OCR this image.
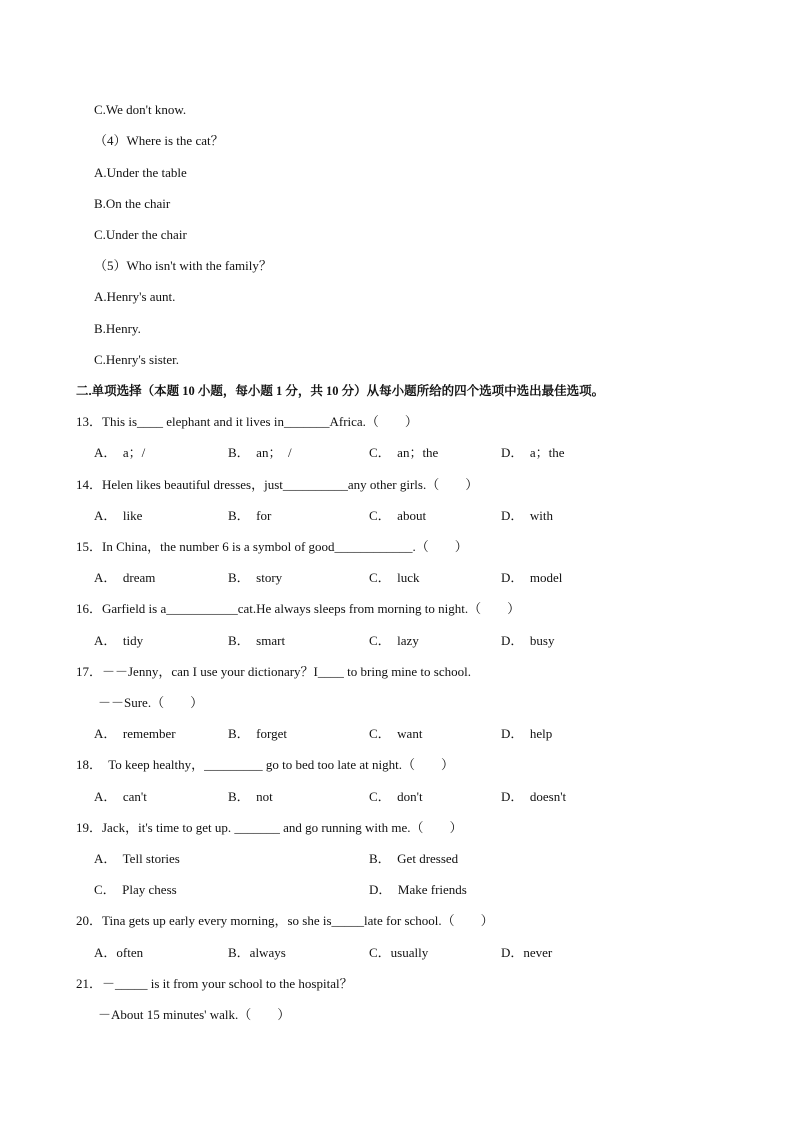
C.We don't know.
（4）Where is the cat？
A.Under the table
B.On the chair
C.Under the chair
（5）Who isn't with the family？
A.Henry's aunt.
B.Henry.
C.Henry's sister.
二.单项选择（本题 10 小题，每小题 1 分，共 10 分）从每小题所给的四个选项中选出最佳选项。
13．This is____ elephant and it lives in_______Africa.（　　）
A．  a；/	B．  an；  /	C．  an；the	D．  a；the
14．Helen likes beautiful dresses，just__________any other girls.（　　）
A．  like	B．  for	C．  about	D．  with
15．In China，the number 6 is a symbol of good____________.（　　）
A．  dream	B．  story	C．  luck	D．  model
16．Garfield is a___________cat.He always sleeps from morning to night.（　　）
A．  tidy	B．  smart	C．  lazy	D．  busy
17．－－Jenny，can I use your dictionary？I____ to bring mine to school.
－－Sure.（　　）
A．  remember	B．  forget	C．  want	D．  help
18．  To keep healthy，_________ go to bed too late at night.（　　）
A．  can't	B．  not	C．  don't	D．  doesn't
19．Jack，it's time to get up. _______ and go running with me.（　　）
A．  Tell stories	B．  Get dressed
C．  Play chess	D．  Make friends
20．Tina gets up early every morning，so she is_____late for school.（　　）
A．often	B．always	C．usually	D．never
21．－_____ is it from your school to the hospital？
－About 15 minutes' walk.（　　）
